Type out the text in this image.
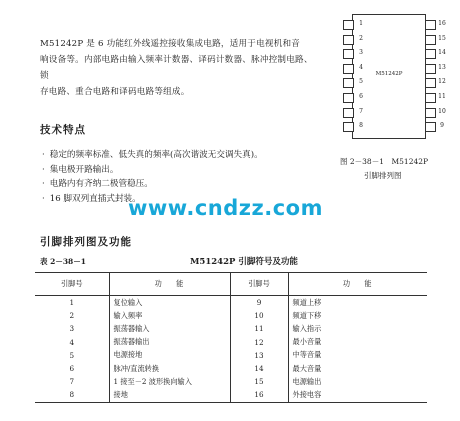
M51242P 是 6 功能红外线遥控接收集成电路，适用于电视机和音

响设备等。内部电路由输入频率计数器、译码计数器、脉冲控制电路、锁

存电路、重合电路和译码电路等组成。

技术特点
· 稳定的频率标准、低失真的频率(高次谐波无交调失真)。
· 集电极开路输出。
· 电路内有齐纳二极管稳压。
· 16 脚双列直插式封装。
M51242P
1	16
2	15
3	14
4	13
5	12
6	11
7	10
8	9
图 2－38－1　M51242P
引脚排列图
www.cndzz.com
引脚排列图及功能
表 2－38－1	M51242P 引脚符号及功能
引脚号	功　　能	引脚号	功　　能
1	复位输入	9	频道上移
2	输入频率	10	频道下移
3	振荡器输入	11	输入指示
4	振荡器输出	12	最小音量
5	电源接地	13	中等音量
6	脉冲/直流转换	14	最大音量
7	1 接至－2 波形换向输入	15	电源输出
8	接地	16	外接电容
